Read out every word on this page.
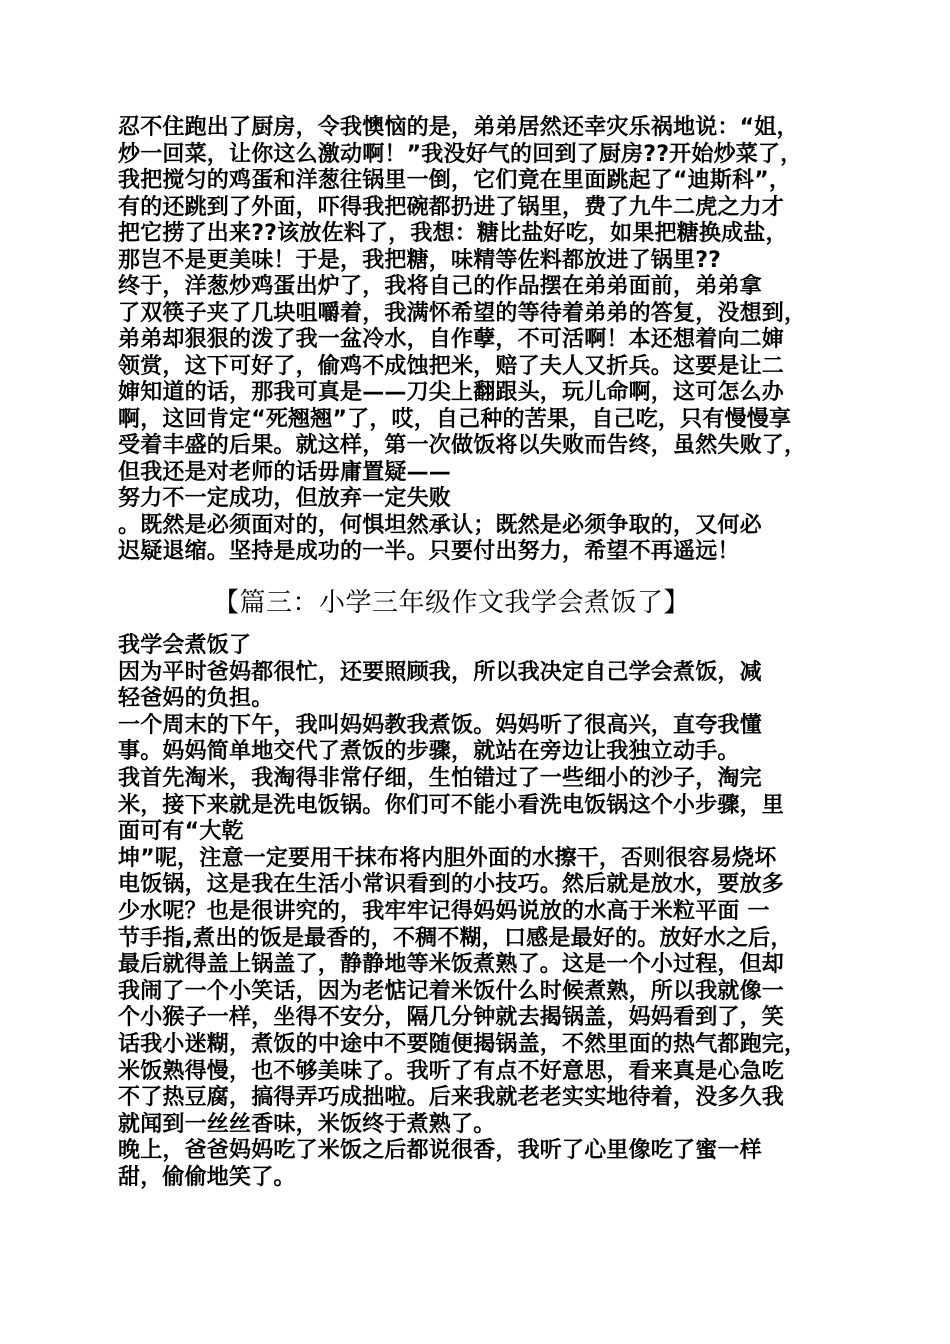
忍不住跑出了厨房，令我懊恼的是，弟弟居然还幸灾乐祸地说：“姐，
炒一回菜，让你这么激动啊！”我没好气的回到了厨房??开始炒菜了，
我把搅匀的鸡蛋和洋葱往锅里一倒，它们竟在里面跳起了“迪斯科”，
有的还跳到了外面，吓得我把碗都扔进了锅里，费了九牛二虎之力才
把它捞了出来??该放佐料了，我想：糖比盐好吃，如果把糖换成盐，
那岂不是更美味！于是，我把糖，味精等佐料都放进了锅里??
终于，洋葱炒鸡蛋出炉了，我将自己的作品摆在弟弟面前，弟弟拿
了双筷子夹了几块咀嚼着，我满怀希望的等待着弟弟的答复，没想到，
弟弟却狠狠的泼了我一盆冷水，自作孽，不可活啊！本还想着向二婶
领赏，这下可好了，偷鸡不成蚀把米，赔了夫人又折兵。这要是让二
婶知道的话，那我可真是——刀尖上翻跟头，玩儿命啊，这可怎么办
啊，这回肯定“死翘翘”了，哎，自己种的苦果，自己吃，只有慢慢享
受着丰盛的后果。就这样，第一次做饭将以失败而告终，虽然失败了，
但我还是对老师的话毋庸置疑——
努力不一定成功，但放弃一定失败
。既然是必须面对的，何惧坦然承认；既然是必须争取的，又何必
迟疑退缩。坚持是成功的一半。只要付出努力，希望不再遥远！
【篇三：小学三年级作文我学会煮饭了】
我学会煮饭了
因为平时爸妈都很忙，还要照顾我，所以我决定自己学会煮饭，减
轻爸妈的负担。
一个周末的下午，我叫妈妈教我煮饭。妈妈听了很高兴，直夸我懂
事。妈妈简单地交代了煮饭的步骤，就站在旁边让我独立动手。
我首先淘米，我淘得非常仔细，生怕错过了一些细小的沙子，淘完
米，接下来就是洗电饭锅。你们可不能小看洗电饭锅这个小步骤，里
面可有“大乾
坤”呢，注意一定要用干抹布将内胆外面的水擦干，否则很容易烧坏
电饭锅，这是我在生活小常识看到的小技巧。然后就是放水，要放多
少水呢？也是很讲究的，我牢牢记得妈妈说放的水高于米粒平面 一
节手指,煮出的饭是最香的，不稠不糊，口感是最好的。放好水之后，
最后就得盖上锅盖了，静静地等米饭煮熟了。这是一个小过程，但却
我闹了一个小笑话，因为老惦记着米饭什么时候煮熟，所以我就像一
个小猴子一样，坐得不安分，隔几分钟就去揭锅盖，妈妈看到了，笑
话我小迷糊，煮饭的中途中不要随便揭锅盖，不然里面的热气都跑完，
米饭熟得慢，也不够美味了。我听了有点不好意思，看来真是心急吃
不了热豆腐，搞得弄巧成拙啦。后来我就老老实实地待着，没多久我
就闻到一丝丝香味，米饭终于煮熟了。
晚上，爸爸妈妈吃了米饭之后都说很香，我听了心里像吃了蜜一样
甜，偷偷地笑了。
